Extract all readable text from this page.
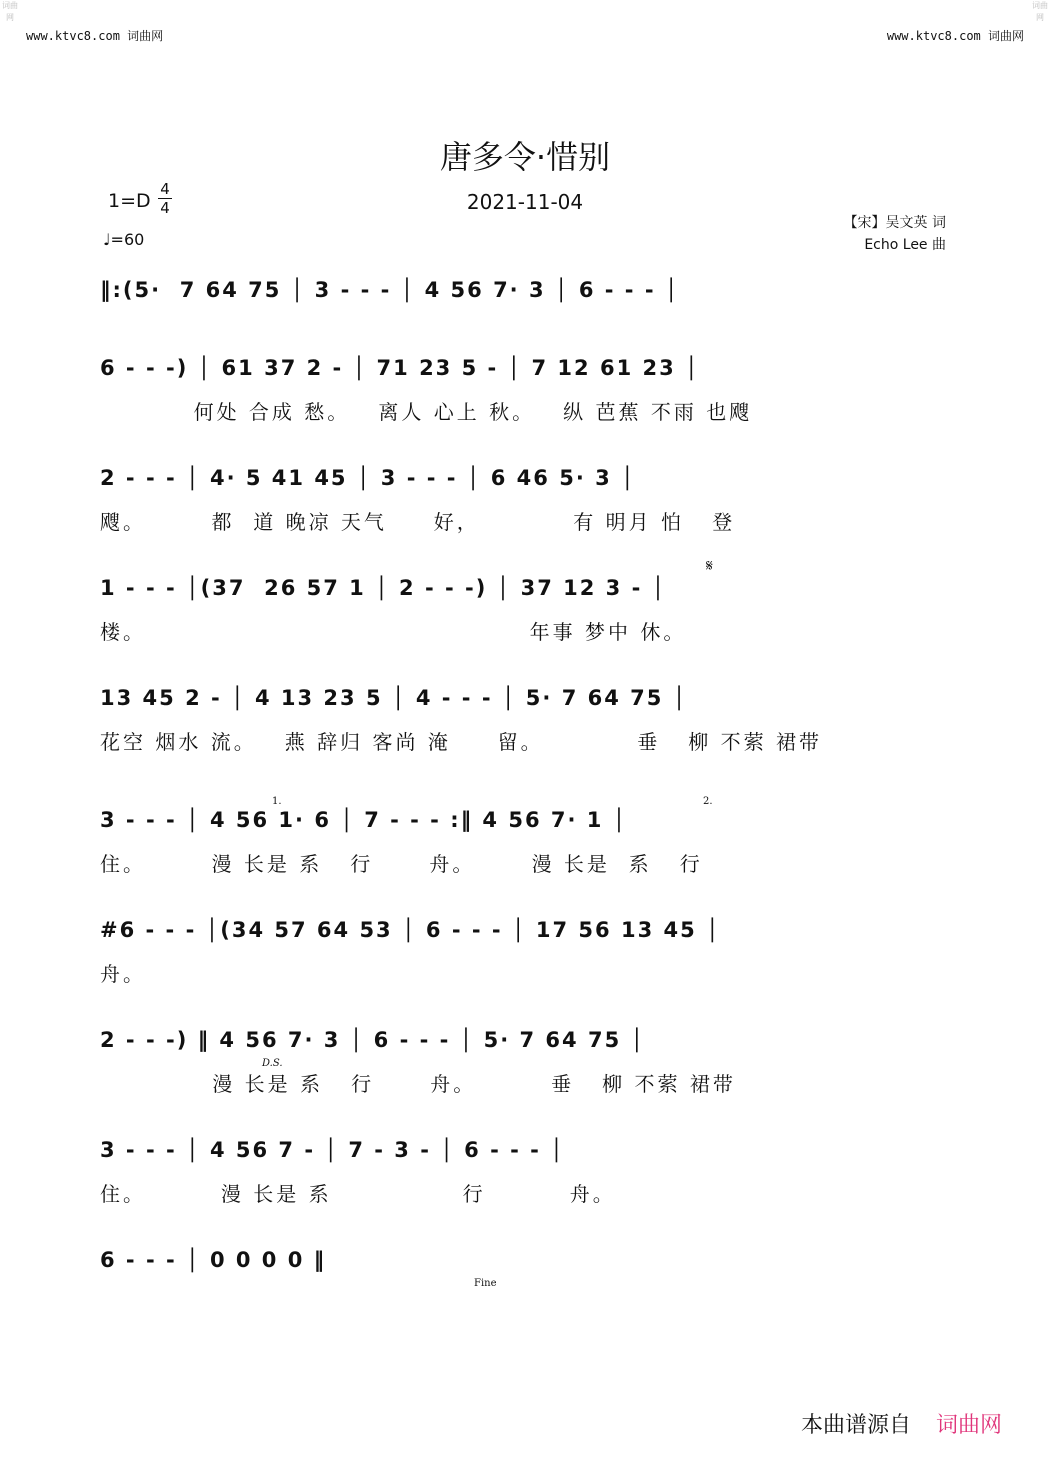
词曲网
词曲网
www.ktvc8.com 词曲网	www.ktvc8.com 词曲网
唐多令·惜别
2021-11-04
$1=D \frac{4}{4}$
♩=60
【宋】吴文英 词
Echo Lee 曲
‖:(5·  7 64 75 │ 3 - - - │ 4 56 7· 3 │ 6 - - - │
6 - - -) │ 61 37 2 - │ 71 23 5 - │ 7 12 61 23 │
何处 合成 愁。   离人 心上 秋。   纵 芭蕉 不雨 也飕
2 - - - │ 4· 5 41 45 │ 3 - - - │ 6 46 5· 3 │
飕。       都  道 晚凉 天气     好，          有 明月 怕   登
1 - - - │(37  26 57 1 │ 2 - - -) │ 37 12 3 - │
楼。                                         年事 梦中 休。
13 45 2 - │ 4 13 23 5 │ 4 - - - │ 5· 7 64 75 │
花空 烟水 流。   燕 辞归 客尚 淹     留。          垂   柳 不萦 裙带
3 - - - │ 4 56 1· 6 │ 7 - - - :‖ 4 56 7· 1 │
住。       漫 长是 系   行      舟。      漫 长是  系   行
#6 - - - │(34 57 64 53 │ 6 - - - │ 17 56 13 45 │
舟。
2 - - -) ‖ 4 56 7· 3 │ 6 - - - │ 5· 7 64 75 │
漫 长是 系   行      舟。        垂   柳 不萦 裙带
3 - - - │ 4 56 7 - │ 7 - 3 - │ 6 - - - │
住。        漫 长是 系              行         舟。
6 - - - │ 0 0 0 0 ‖
𝄋
1.	2.
D.S.
Fine
本曲谱源自 词曲网
